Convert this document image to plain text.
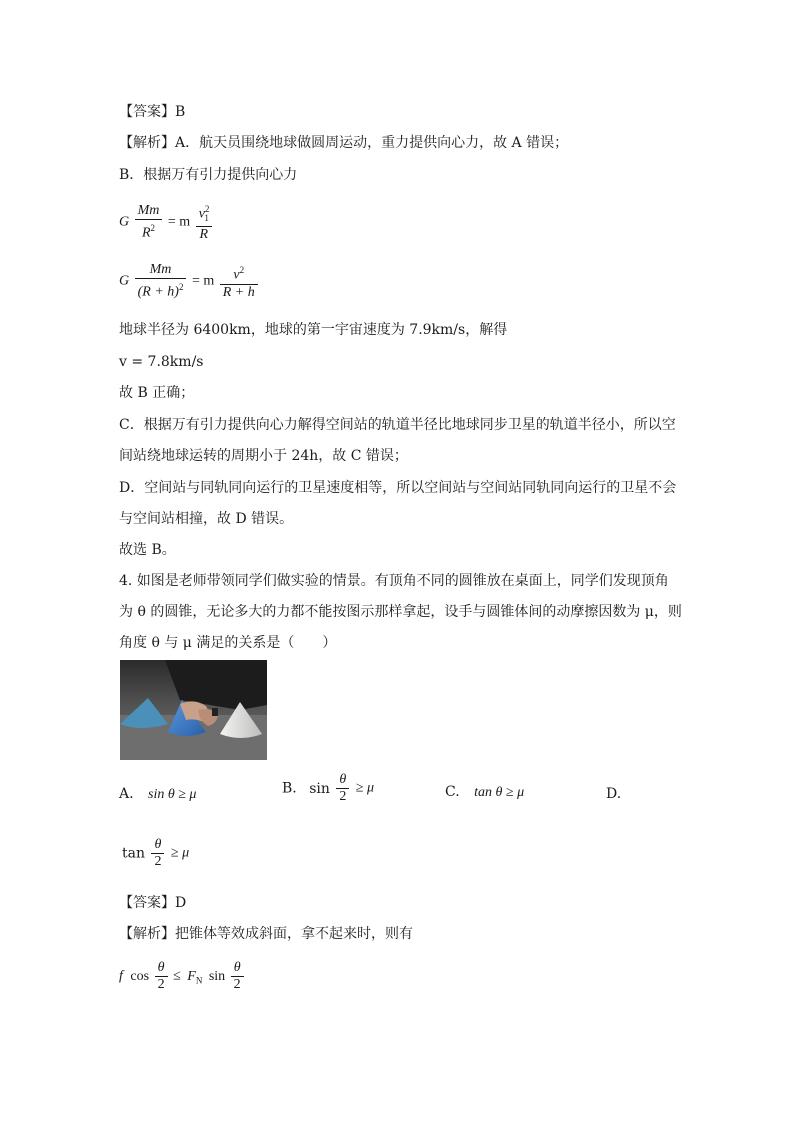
【答案】B
【解析】A．航天员围绕地球做圆周运动，重力提供向心力，故 A 错误；
B．根据万有引力提供向心力
G $\frac{Mm}{R^2} = m \frac{v^2_1}{R}$
G $\frac{Mm}{(R + h)^2} = m \frac{v^2}{R + h}$
地球半径为 6400km，地球的第一宇宙速度为 7.9km/s，解得
v = 7.8km/s
故 B 正确；
C．根据万有引力提供向心力解得空间站的轨道半径比地球同步卫星的轨道半径小，所以空
间站绕地球运转的周期小于 24h，故 C 错误；
D．空间站与同轨同向运行的卫星速度相等，所以空间站与空间站同轨同向运行的卫星不会
与空间站相撞，故 D 错误。
故选 B。
4. 如图是老师带领同学们做实验的情景。有顶角不同的圆锥放在桌面上，同学们发现顶角
为 θ 的圆锥，无论多大的力都不能按图示那样拿起，设手与圆锥体间的动摩擦因数为 μ，则
角度 θ 与 μ 满足的关系是（　　）
A. sin θ ≥ μ	B. $\sin \frac{\theta}{2} \ge \mu$	C. tan θ ≥ μ	D.
$\tan \frac{\theta}{2} \ge \mu$
【答案】D
【解析】把锥体等效成斜面，拿不起来时，则有
f $\cos \frac{\theta}{2} \le F_N$ $\sin \frac{\theta}{2}$
